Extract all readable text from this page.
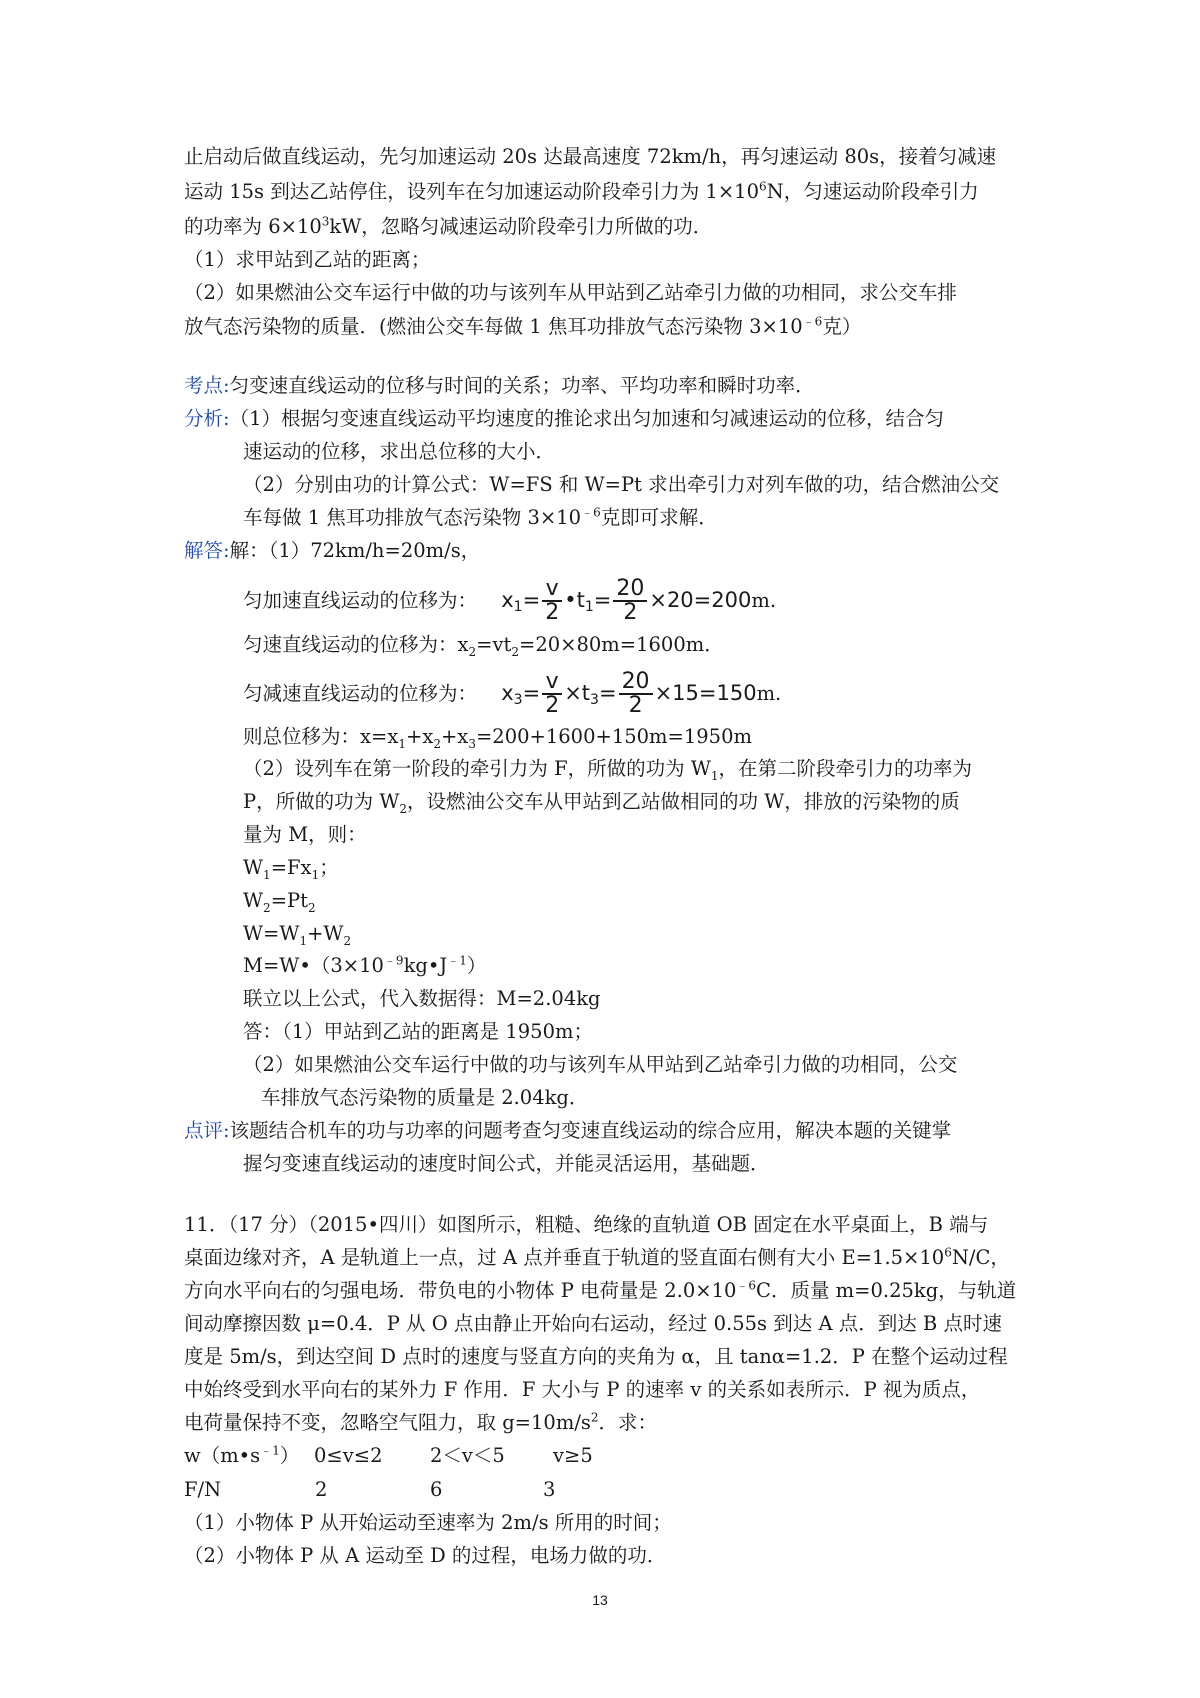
止启动后做直线运动，先匀加速运动 20s 达最高速度 72km/h，再匀速运动 80s，接着匀减速
运动 15s 到达乙站停住，设列车在匀加速运动阶段牵引力为 $1\times 10^6N$，匀速运动阶段牵引力
的功率为 $6\times 10^3kW$，忽略匀减速运动阶段牵引力所做的功．
（1）求甲站到乙站的距离；
（2）如果燃油公交车运行中做的功与该列车从甲站到乙站牵引力做的功相同，求公交车排
放气态污染物的质量．(燃油公交车每做 1 焦耳功排放气态污染物 $3\times 10^{﹣6}$克）
考点:匀变速直线运动的位移与时间的关系；功率、平均功率和瞬时功率．
分析:（1）根据匀变速直线运动平均速度的推论求出匀加速和匀减速运动的位移，结合匀
速运动的位移，求出总位移的大小．
（2）分别由功的计算公式：W=FS 和 W=Pt 求出牵引力对列车做的功，结合燃油公交
车每做 1 焦耳功排放气态污染物 $3\times 10^{﹣6}$克即可求解．
解答:解：（1）72km/h=20m/s，
匀加速直线运动的位移为： $x1= \frac{v}{2}$ •t1= $\frac{20}{2} \times 20=200m$.
匀速直线运动的位移为：$x_2=vt_2=20\times 80m=1600m$．
匀减速直线运动的位移为： $x3= \frac{v}{2} \times t3= \frac{20}{2} \times 15=150m$.
则总位移为：$x=x_1+x_2+x_3=200+1600+150m=1950m$
（2）设列车在第一阶段的牵引力为 F，所做的功为 $W_1$，在第二阶段牵引力的功率为
P，所做的功为 $W_2$，设燃油公交车从甲站到乙站做相同的功 W，排放的污染物的质
量为 M，则：
$W_1=Fx_1$；
$W_2=Pt_2$
$W=W_1+W_2$
$M=W•(3\times 10^{﹣9}kg•J^{﹣1})$
联立以上公式，代入数据得：M=2.04kg
答：（1）甲站到乙站的距离是 1950m；
（2）如果燃油公交车运行中做的功与该列车从甲站到乙站牵引力做的功相同，公交
车排放气态污染物的质量是 2.04kg．
点评:该题结合机车的功与功率的问题考查匀变速直线运动的综合应用，解决本题的关键掌
握匀变速直线运动的速度时间公式，并能灵活运用，基础题．
11．（17 分）（2015•四川）如图所示，粗糙、绝缘的直轨道 OB 固定在水平桌面上，B 端与
桌面边缘对齐，A 是轨道上一点，过 A 点并垂直于轨道的竖直面右侧有大小 $E=1.5\times 10^6N/C$，
方向水平向右的匀强电场．带负电的小物体 P 电荷量是 $2.0\times 10^{﹣6}C$．质量 m=0.25kg，与轨道
间动摩擦因数 μ=0.4．P 从 O 点由静止开始向右运动，经过 0.55s 到达 A 点．到达 B 点时速
度是 5m/s，到达空间 D 点时的速度与竖直方向的夹角为 α，且 tanα=1.2．P 在整个运动过程
中始终受到水平向右的某外力 F 作用．F 大小与 P 的速率 v 的关系如表所示．P 视为质点，
电荷量保持不变，忽略空气阻力，取 $g=10m/s^2$．求：
$w(m•s^{﹣1})$ 0≤v≤2 2＜v＜5 v≥5
F/N	2	6	3
（1）小物体 P 从开始运动至速率为 2m/s 所用的时间；
（2）小物体 P 从 A 运动至 D 的过程，电场力做的功．
13
